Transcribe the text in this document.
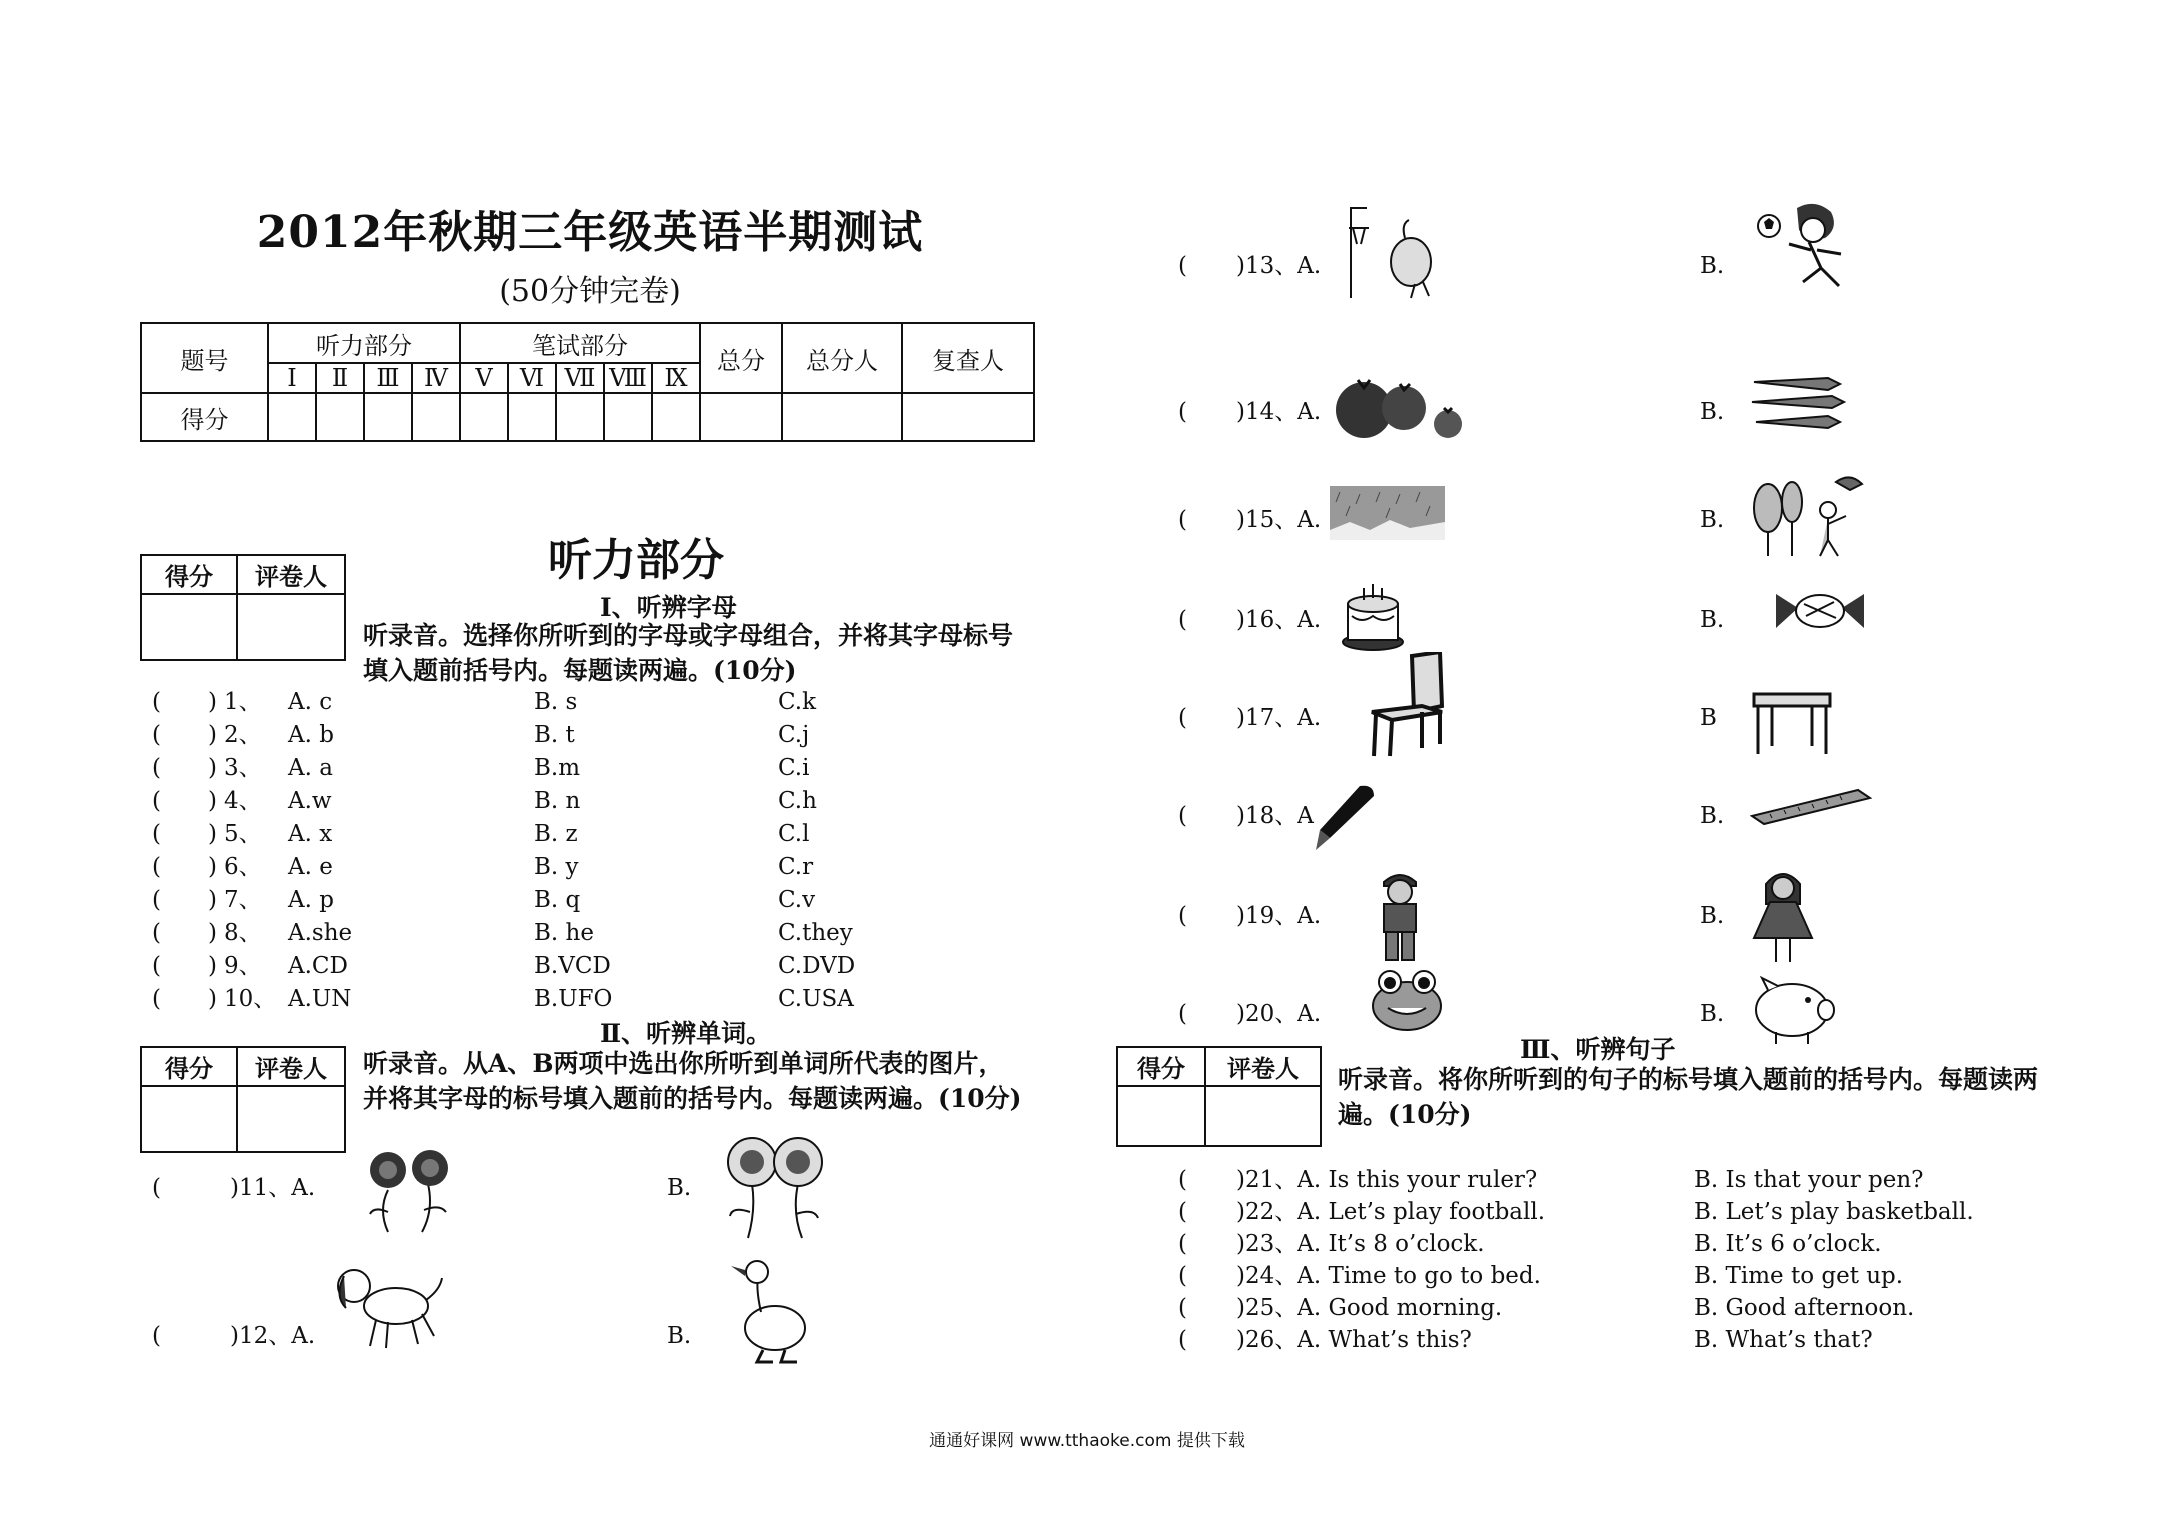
2012年秋期三年级英语半期测试
(50分钟完卷)
题号	听力部分				笔试部分					总分	总分人	复查人
	Ⅰ	Ⅱ	Ⅲ	Ⅳ	Ⅴ	Ⅵ	Ⅶ	Ⅷ	Ⅸ			
得分												
听力部分
得分	评卷人

Ⅰ、听辨字母
听录音。选择你所听到的字母或字母组合，并将其字母标号
填入题前括号内。每题读两遍。(10分)
( ) 1、 A. c	B. s	C.k
( ) 2、 A. b	B. t	C.j
( ) 3、 A. a	B.m	C.i
( ) 4、 A.w	B. n	C.h
( ) 5、 A. x	B. z	C.l
( ) 6、 A. e	B. y	C.r
( ) 7、 A. p	B. q	C.v
( ) 8、 A.she	B. he	C.they
( ) 9、 A.CD	B.VCD	C.DVD
( ) 10、 A.UN	B.UFO	C.USA
Ⅱ、听辨单词。
得分	评卷人
	听录音。从A、B两项中选出你所听到单词所代表的图片，
并将其字母的标号填入题前的括号内。每题读两遍。(10分)
(	)11、A.	B.
(	)12、A.	B.
( )13、A.	B.
( )14、A.	B.
( )15、A.	B.
( )16、A.	B.
( )17、A.	B
( )18、A	B.
( )19、A.	B.
( )20、A.	B.
Ⅲ、听辨句子
得分	评卷人
	听录音。将你所听到的句子的标号填入题前的括号内。每题读两
遍。(10分)
( )21、A. Is this your ruler?	B. Is that your pen?
( )22、A. Let’s play football.	B. Let’s play basketball.
( )23、A. It’s 8 o’clock.	B. It’s 6 o’clock.
( )24、A. Time to go to bed.	B. Time to get up.
( )25、A. Good morning.	B. Good afternoon.
( )26、A. What’s this?	B. What’s that?
通通好课网 www.tthaoke.com 提供下载
